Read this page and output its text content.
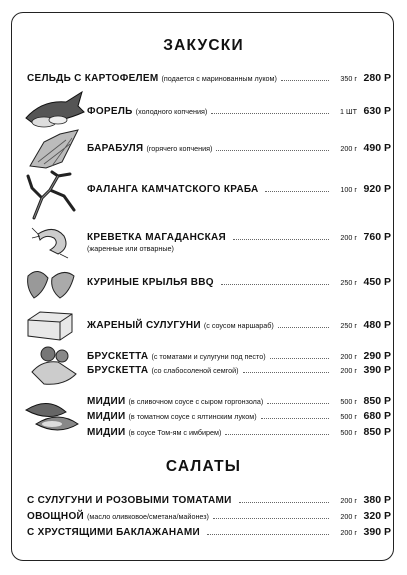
ЗАКУСКИ
СЕЛЬДЬ С КАРТОФЕЛЕМ (подается с маринованным луком)	350 г 280 Р
ФОРЕЛЬ (холодного копчения)	1 ШТ 630 Р
БАРАБУЛЯ (горячего копчения)	200 г 490 Р
ФАЛАНГА КАМЧАТСКОГО КРАБА	100 г 920 Р
КРЕВЕТКА МАГАДАНСКАЯ	200 г 760 Р
(жаренные или отварные)
КУРИНЫЕ КРЫЛЬЯ BBQ	250 г 450 Р
ЖАРЕНЫЙ СУЛУГУНИ (с соусом наршараб)	250 г 480 Р
БРУСКЕТТА (с томатами и сулугуни под песто)	200 г 290 Р
БРУСКЕТТА (со слабосоленой семгой)	200 г 390 Р
МИДИИ (в сливочном соусе с сыром горгонзола)	500 г 850 Р
МИДИИ (в томатном соусе с ялтинским луком)	500 г 680 Р
МИДИИ (в соусе Том-ям с имбирем)	500 г 850 Р
САЛАТЫ
С СУЛУГУНИ И РОЗОВЫМИ ТОМАТАМИ	200 г 380 Р
ОВОЩНОЙ (масло оливковое/сметана/майонез)	200 г 320 Р
С ХРУСТЯЩИМИ БАКЛАЖАНАМИ	200 г 390 Р
